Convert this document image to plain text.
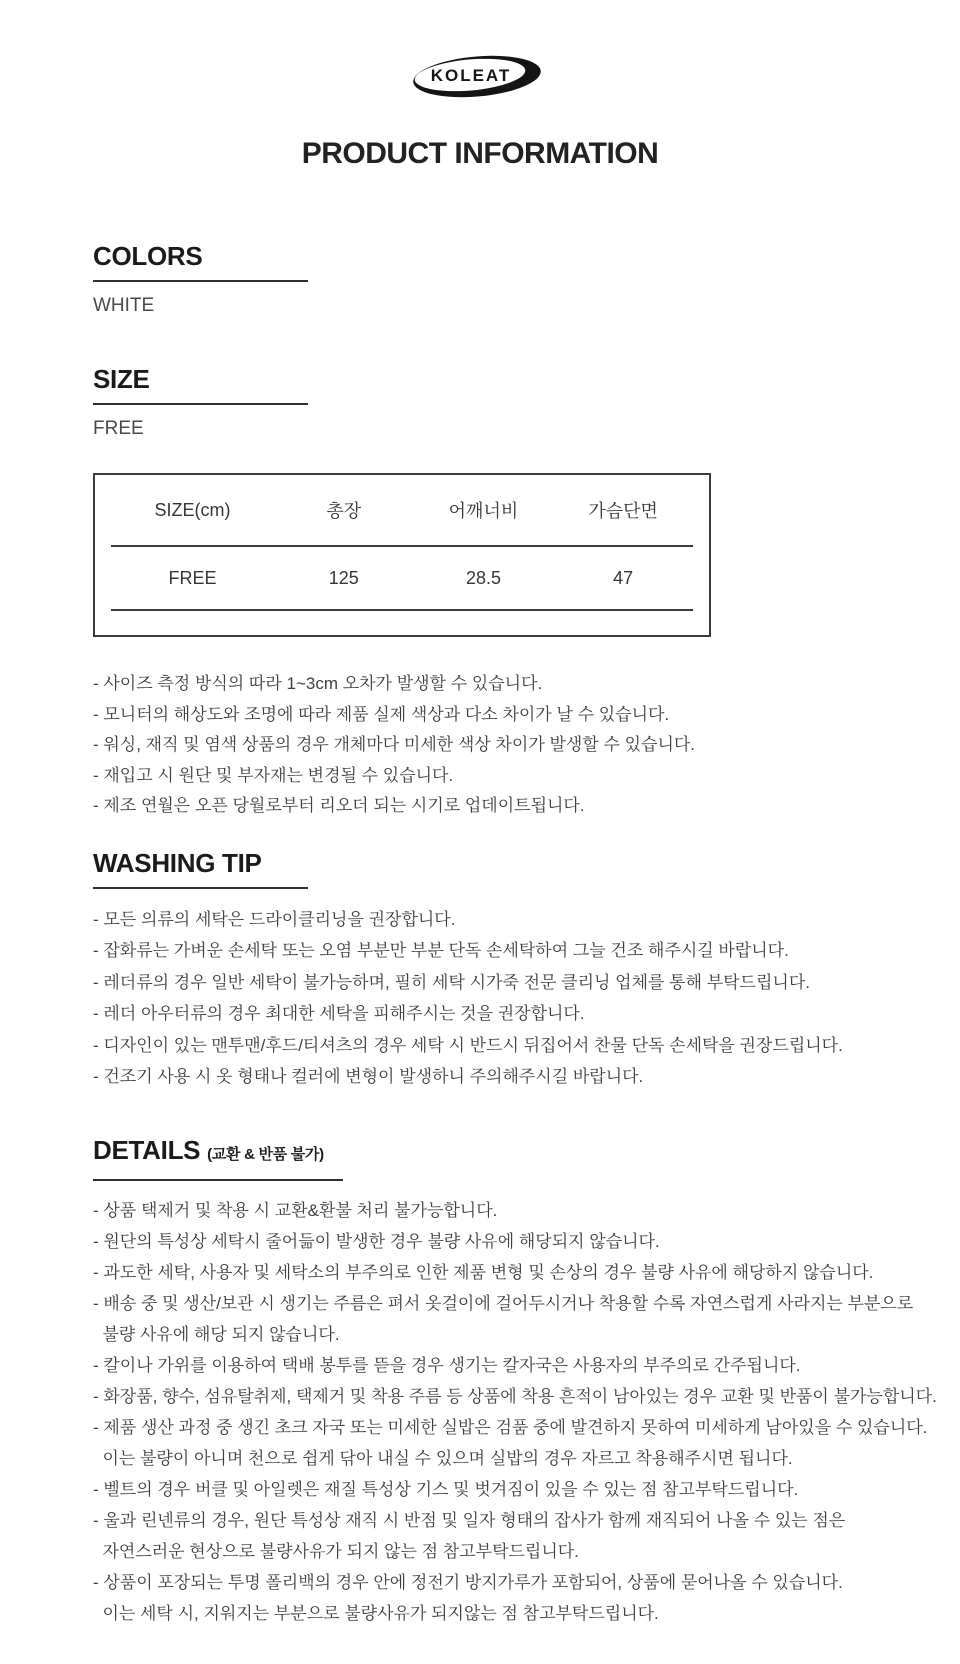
KOLEAT
PRODUCT INFORMATION
COLORS
WHITE
SIZE
FREE
SIZE(cm)	총장	어깨너비	가슴단면
FREE	125	28.5	47
- 사이즈 측정 방식의 따라 1~3cm 오차가 발생할 수 있습니다.
- 모니터의 해상도와 조명에 따라 제품 실제 색상과 다소 차이가 날 수 있습니다.
- 워싱, 재직 및 염색 상품의 경우 개체마다 미세한 색상 차이가 발생할 수 있습니다.
- 재입고 시 원단 및 부자재는 변경될 수 있습니다.
- 제조 연월은 오픈 당월로부터 리오더 되는 시기로 업데이트됩니다.
WASHING TIP
- 모든 의류의 세탁은 드라이클리닝을 권장합니다.
- 잡화류는 가벼운 손세탁 또는 오염 부분만 부분 단독 손세탁하여 그늘 건조 해주시길 바랍니다.
- 레더류의 경우 일반 세탁이 불가능하며, 필히 세탁 시가죽 전문 클리닝 업체를 통해 부탁드립니다.
- 레더 아우터류의 경우 최대한 세탁을 피해주시는 것을 권장합니다.
- 디자인이 있는 맨투맨/후드/티셔츠의 경우 세탁 시 반드시 뒤집어서 찬물 단독 손세탁을 권장드립니다.
- 건조기 사용 시 옷 형태나 컬러에 변형이 발생하니 주의해주시길 바랍니다.
DETAILS (교환 & 반품 불가)
- 상품 택제거 및 착용 시 교환&환불 처리 불가능합니다.
- 원단의 특성상 세탁시 줄어듦이 발생한 경우 불량 사유에 해당되지 않습니다.
- 과도한 세탁, 사용자 및 세탁소의 부주의로 인한 제품 변형 및 손상의 경우 불량 사유에 해당하지 않습니다.
- 배송 중 및 생산/보관 시 생기는 주름은 펴서 옷걸이에 걸어두시거나 착용할 수록 자연스럽게 사라지는 부분으로
불량 사유에 해당 되지 않습니다.
- 칼이나 가위를 이용하여 택배 봉투를 뜯을 경우 생기는 칼자국은 사용자의 부주의로 간주됩니다.
- 화장품, 향수, 섬유탈취제, 택제거 및 착용 주름 등 상품에 착용 흔적이 남아있는 경우 교환 및 반품이 불가능합니다.
- 제품 생산 과정 중 생긴 초크 자국 또는 미세한 실밥은 검품 중에 발견하지 못하여 미세하게 남아있을 수 있습니다.
이는 불량이 아니며 천으로 쉽게 닦아 내실 수 있으며 실밥의 경우 자르고 착용해주시면 됩니다.
- 벨트의 경우 버클 및 아일렛은 재질 특성상 기스 및 벗겨짐이 있을 수 있는 점 참고부탁드립니다.
- 울과 린넨류의 경우, 원단 특성상 재직 시 반점 및 일자 형태의 잡사가 함께 재직되어 나올 수 있는 점은
자연스러운 현상으로 불량사유가 되지 않는 점 참고부탁드립니다.
- 상품이 포장되는 투명 폴리백의 경우 안에 정전기 방지가루가 포함되어, 상품에 묻어나올 수 있습니다.
이는 세탁 시, 지워지는 부분으로 불량사유가 되지않는 점 참고부탁드립니다.
